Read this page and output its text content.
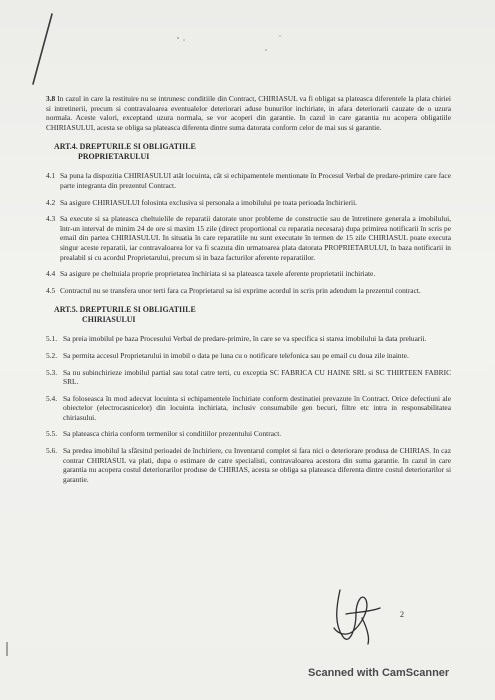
3.8 In cazul in care la restituire nu se intrunesc conditiile din Contract, CHIRIASUL va fi obligat sa plateasca diferentele la plata chiriei si intretinerii, precum si contravaloarea eventualelor deteriorari aduse bunurilor inchiriate, in afara deteriorarii cauzate de o uzura normala. Aceste valori, exceptand uzura normala, se vor acoperi din garantie. In cazul in care garantia nu acopera obligatiile CHIRIASULUI, acesta se obliga sa plateasca diferenta dintre suma datorata conform celor de mai sus si garantie.
ART.4. DREPTURILE SI OBLIGATIILE
PROPRIETARULUI
4.1 Sa puna la dispozitia CHIRIASULUI atât locuinta, cât si echipamentele mentionate în Procesul Verbal de predare-primire care face parte integranta din prezentul Contract.
4.2 Sa asigure CHIRIASULUI folosinta exclusiva si personala a imobilului pe toata perioada închirierii.
4.3 Sa execute si sa plateasca cheltuielile de reparatii datorate unor probleme de constructie sau de întretinere generala a imobilului, într-un interval de minim 24 de ore si maxim 15 zile (direct proportional cu reparatia necesara) dupa primirea notificarii în scris pe email din partea CHIRIASULUI. In situatia în care reparatiile nu sunt executate în termen de 15 zile CHIRIASUL poate executa singur aceste reparatii, iar contravaloarea lor va fi scazuta din urmatoarea plata datorata PROPRIETARULUI, în baza notificarii in prealabil si cu acordul Proprietarului, precum si in baza facturilor aferente reparatiilor.
4.4 Sa asigure pe cheltuiala proprie proprietatea închiriata si sa plateasca taxele aferente proprietatii inchiriate.
4.5 Contractul nu se transfera unor terti fara ca Proprietarul sa isi exprime acordul in scris prin adendum la prezentul contract.
ART.5. DREPTURILE SI OBLIGATIILE
CHIRIASULUI
5.1. Sa preia imobilul pe baza Procesului Verbal de predare-primire, în care se va specifica si starea imobilului la data preluarii.
5.2. Sa permita accesul Proprietarului in imobil o data pe luna cu o notificare telefonica sau pe email cu doua zile inainte.
5.3. Sa nu subinchirieze imobilul partial sau total catre terti, cu exceptia SC FABRICA CU HAINE SRL si SC THIRTEEN FABRIC SRL.
5.4. Sa foloseasca în mod adecvat locuinta si echipamentele închiriate conform destinatiei prevazute în Contract. Orice defectiuni ale obiectelor (electrocasnicelor) din locuinta inchiriata, inclusiv consumabile gen becuri, filtre etc intra in responsabilitatea chiriasului.
5.5. Sa plateasca chiria conform termenilor si conditiilor prezentului Contract.
5.6. Sa predea imobilul la sfârsitul perioadei de închiriere, cu Inventarul complet si fara nici o deteriorare produsa de CHIRIAS. In caz contrar CHIRIASUL va plati, dupa o estimare de catre specialisti, contravaloarea acestora din suma garantie. In cazul in care garantia nu acopera costul deteriorarilor produse de CHIRIAS, acesta se obliga sa plateasca diferenta dintre costul deteriorarilor si garantie.
2
Scanned with CamScanner
